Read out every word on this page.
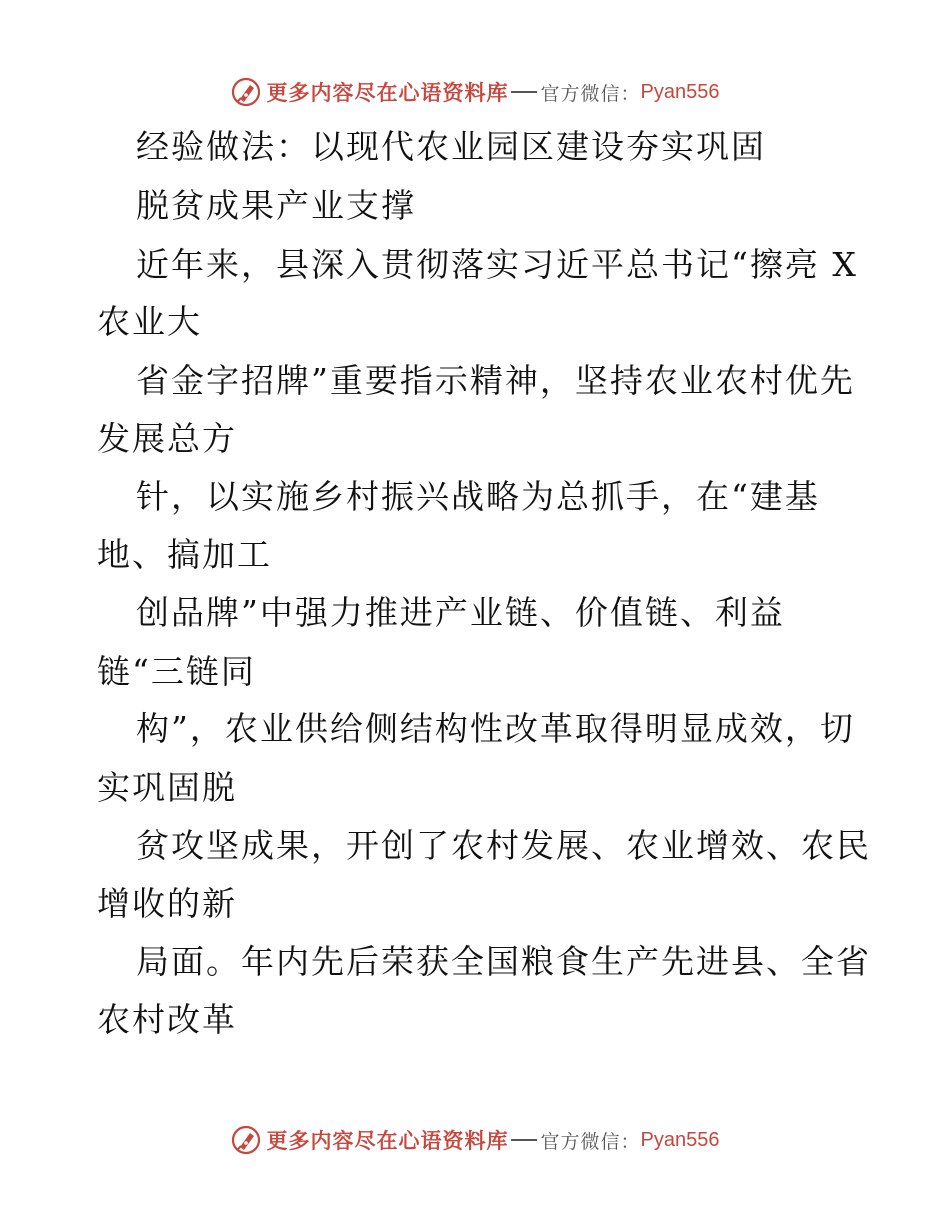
更多内容尽在心语资料库 官方微信： Pyan556
经验做法：以现代农业园区建设夯实巩固
脱贫成果产业支撑
近年来，县深入贯彻落实习近平总书记“擦亮 X
农业大
省金字招牌”重要指示精神，坚持农业农村优先
发展总方
针，以实施乡村振兴战略为总抓手，在“建基
地、搞加工
创品牌”中强力推进产业链、价值链、利益
链“三链同
构”，农业供给侧结构性改革取得明显成效，切
实巩固脱
贫攻坚成果，开创了农村发展、农业增效、农民
增收的新
局面。年内先后荣获全国粮食生产先进县、全省
农村改革
更多内容尽在心语资料库 官方微信： Pyan556
